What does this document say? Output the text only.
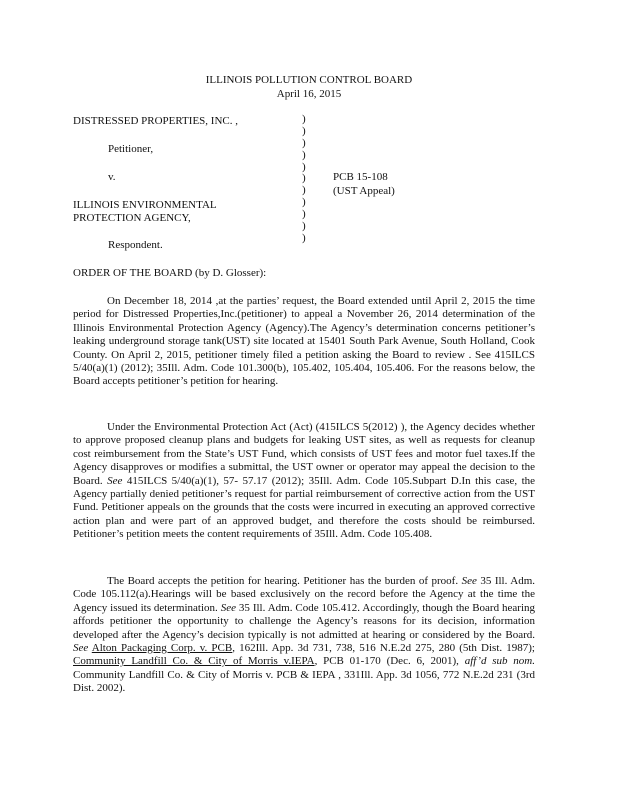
ILLINOIS POLLUTION CONTROL BOARD
April 16, 2015
DISTRESSED PROPERTIES, INC. ,
Petitioner,
v.
ILLINOIS ENVIRONMENTAL
PROTECTION AGENCY,
Respondent.
)
)
)
)
)
)
)
)
)
)
)
PCB 15-108
(UST Appeal)
ORDER OF THE BOARD (by D. Glosser):

On December 18, 2014 ,at the parties’ request, the Board extended until April 2, 2015 the time period for Distressed Properties,Inc.(petitioner) to appeal a November 26, 2014 determination of the Illinois Environmental Protection Agency (Agency).The Agency’s determination concerns petitioner’s leaking underground storage tank(UST) site located at 15401 South Park Avenue, South Holland, Cook County. On April 2, 2015, petitioner timely filed a petition asking the Board to review . See 415ILCS 5/40(a)(1) (2012); 35Ill. Adm. Code 101.300(b), 105.402, 105.404, 105.406. For the reasons below, the Board accepts petitioner’s petition for hearing.

Under the Environmental Protection Act (Act) (415ILCS 5(2012) ), the Agency decides whether to approve proposed cleanup plans and budgets for leaking UST sites, as well as requests for cleanup cost reimbursement from the State’s UST Fund, which consists of UST fees and motor fuel taxes.If the Agency disapproves or modifies a submittal, the UST owner or operator may appeal the decision to the Board. See 415ILCS 5/40(a)(1), 57- 57.17 (2012); 35Ill. Adm. Code 105.Subpart D.In this case, the Agency partially denied petitioner’s request for partial reimbursement of corrective action from the UST Fund. Petitioner appeals on the grounds that the costs were incurred in executing an approved corrective action plan and were part of an approved budget, and therefore the costs should be reimbursed. Petitioner’s petition meets the content requirements of 35Ill. Adm. Code 105.408.

The Board accepts the petition for hearing. Petitioner has the burden of proof. See 35 Ill. Adm. Code 105.112(a).Hearings will be based exclusively on the record before the Agency at the time the Agency issued its determination. See 35 Ill. Adm. Code 105.412. Accordingly, though the Board hearing affords petitioner the opportunity to challenge the Agency’s reasons for its decision, information developed after the Agency’s decision typically is not admitted at hearing or considered by the Board. See Alton Packaging Corp. v. PCB, 162Ill. App. 3d 731, 738, 516 N.E.2d 275, 280 (5th Dist. 1987); Community Landfill Co. & City of Morris v.IEPA, PCB 01-170 (Dec. 6, 2001), aff’d sub nom. Community Landfill Co. & City of Morris v. PCB & IEPA , 331Ill. App. 3d 1056, 772 N.E.2d 231 (3rd Dist. 2002).
